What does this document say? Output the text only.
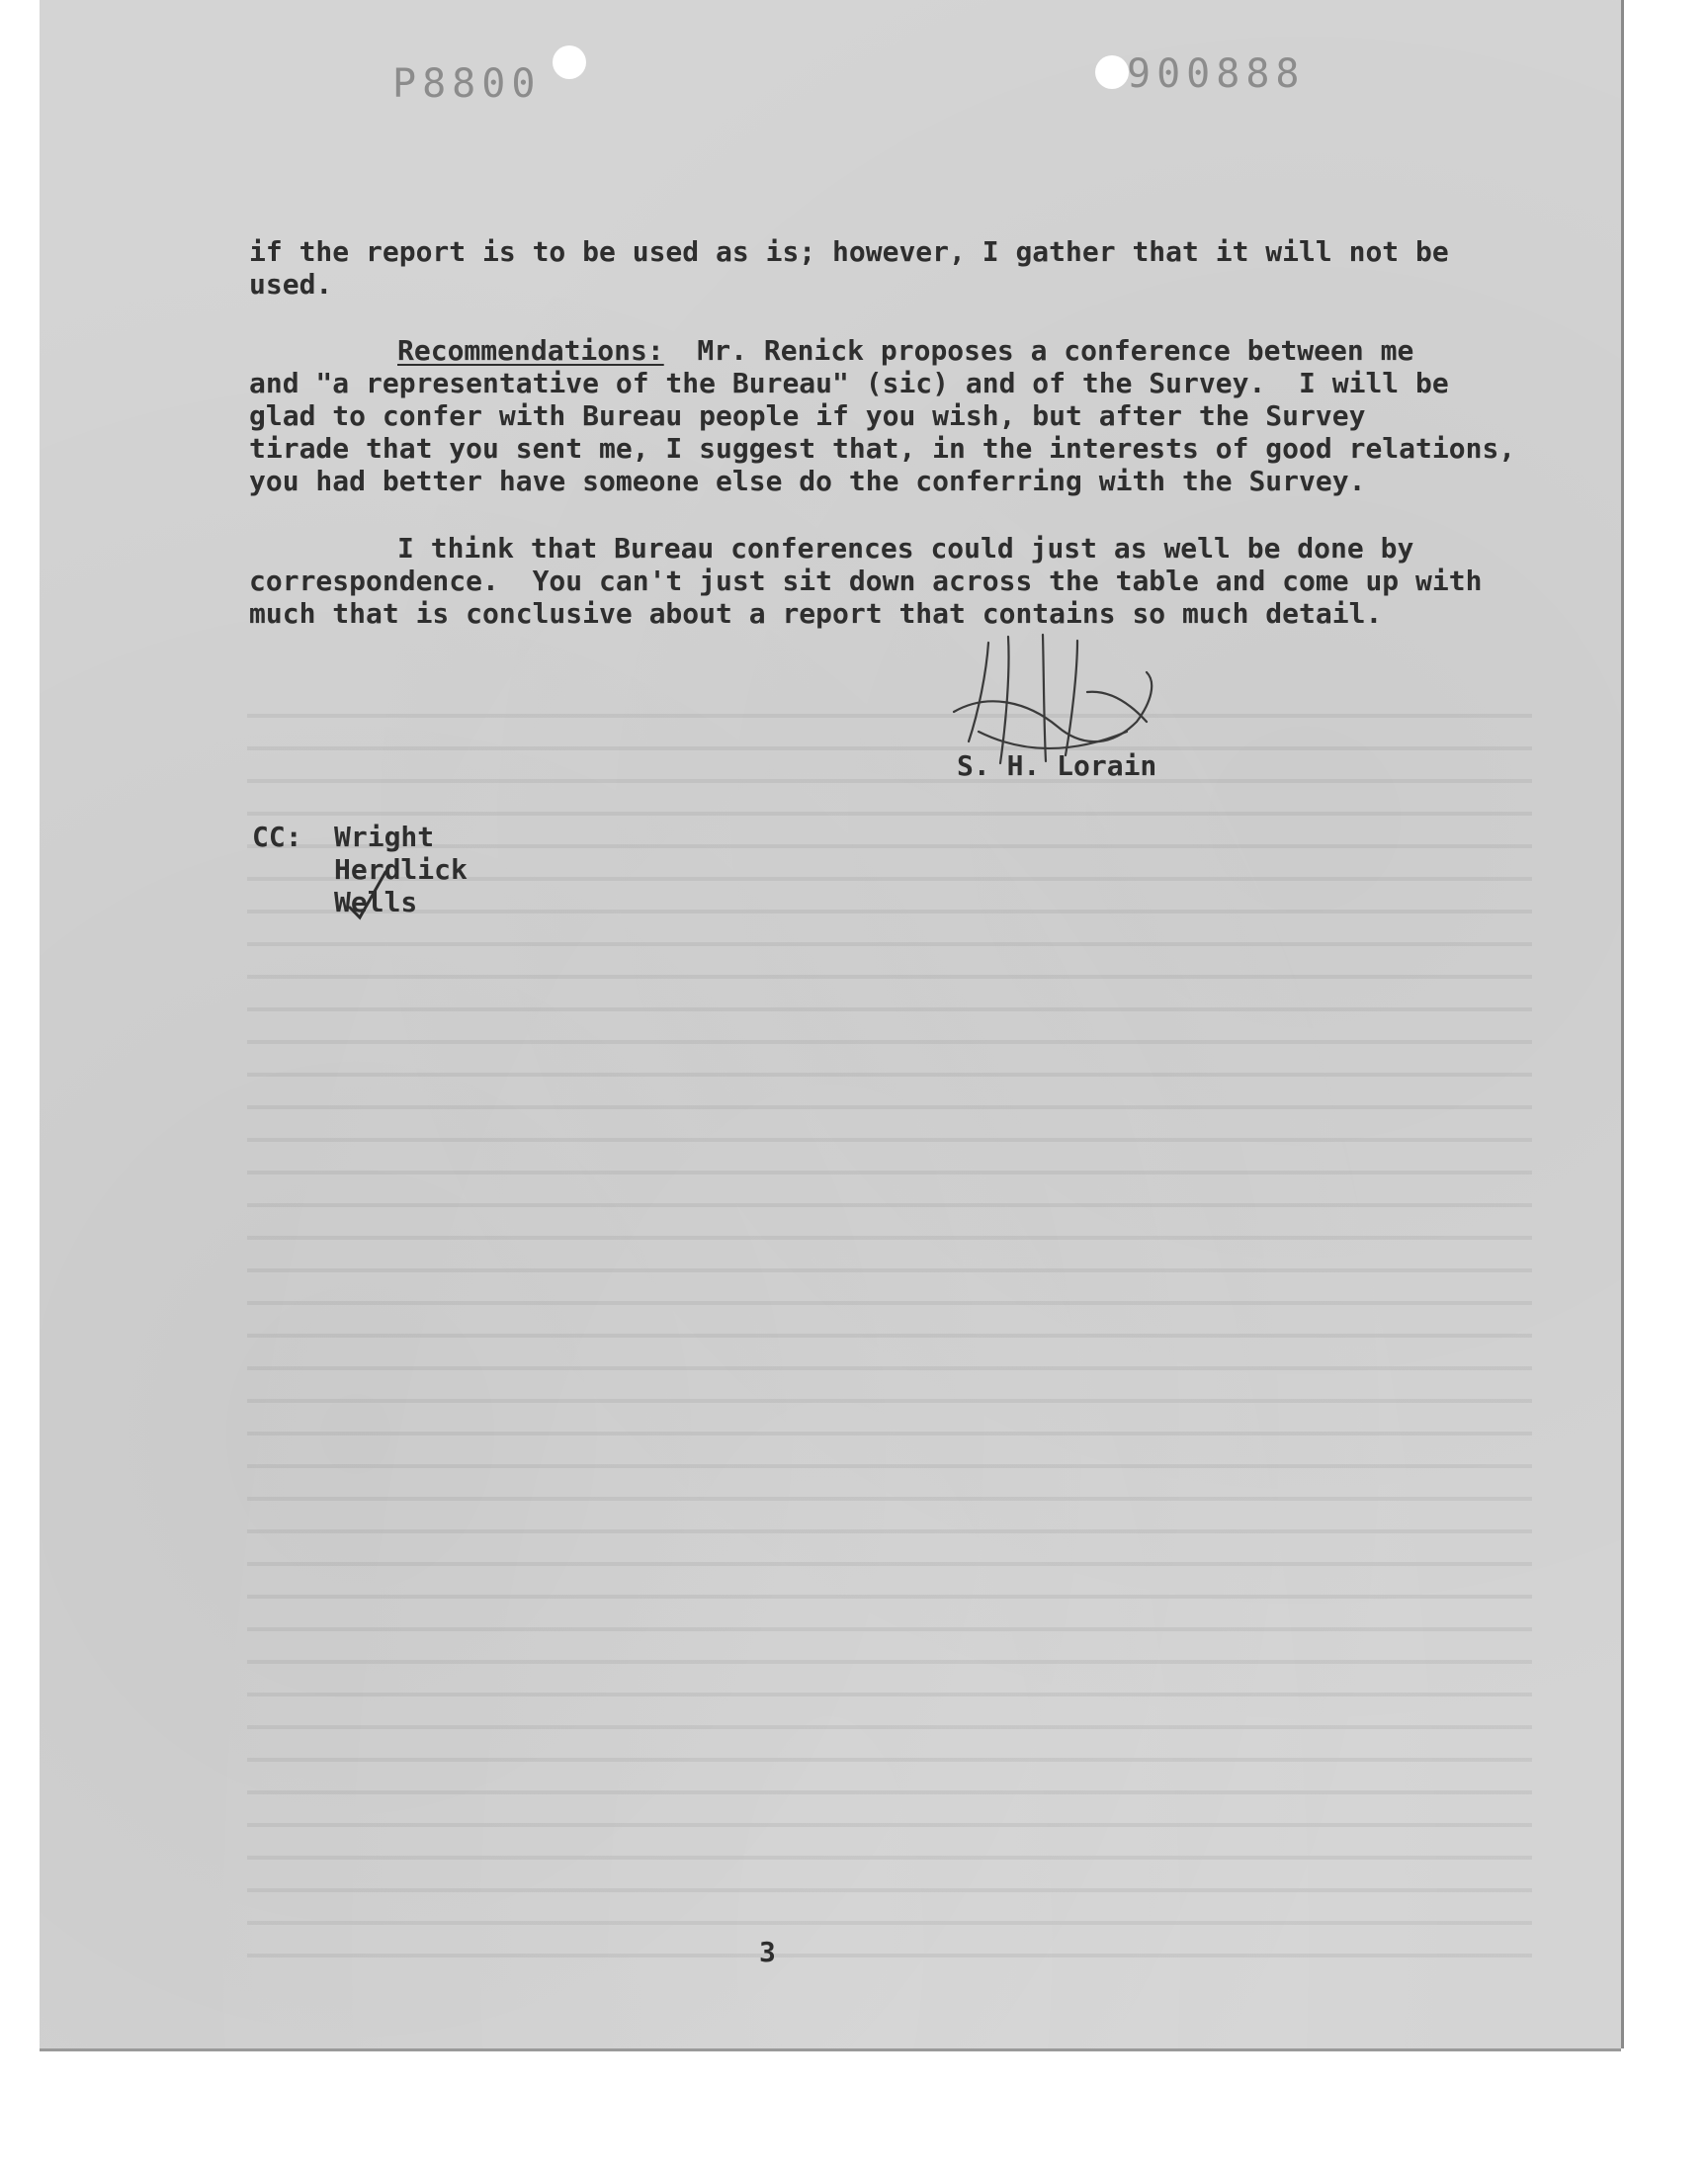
P8800	900888
if the report is to be used as is; however, I gather that it will not be
used.
Recommendations:  Mr. Renick proposes a conference between me
and "a representative of the Bureau" (sic) and of the Survey.  I will be
glad to confer with Bureau people if you wish, but after the Survey
tirade that you sent me, I suggest that, in the interests of good relations,
you had better have someone else do the conferring with the Survey.
I think that Bureau conferences could just as well be done by
correspondence.  You can't just sit down across the table and come up with
much that is conclusive about a report that contains so much detail.
S. H. Lorain
CC: Wright
Herdlick
Wells
3
